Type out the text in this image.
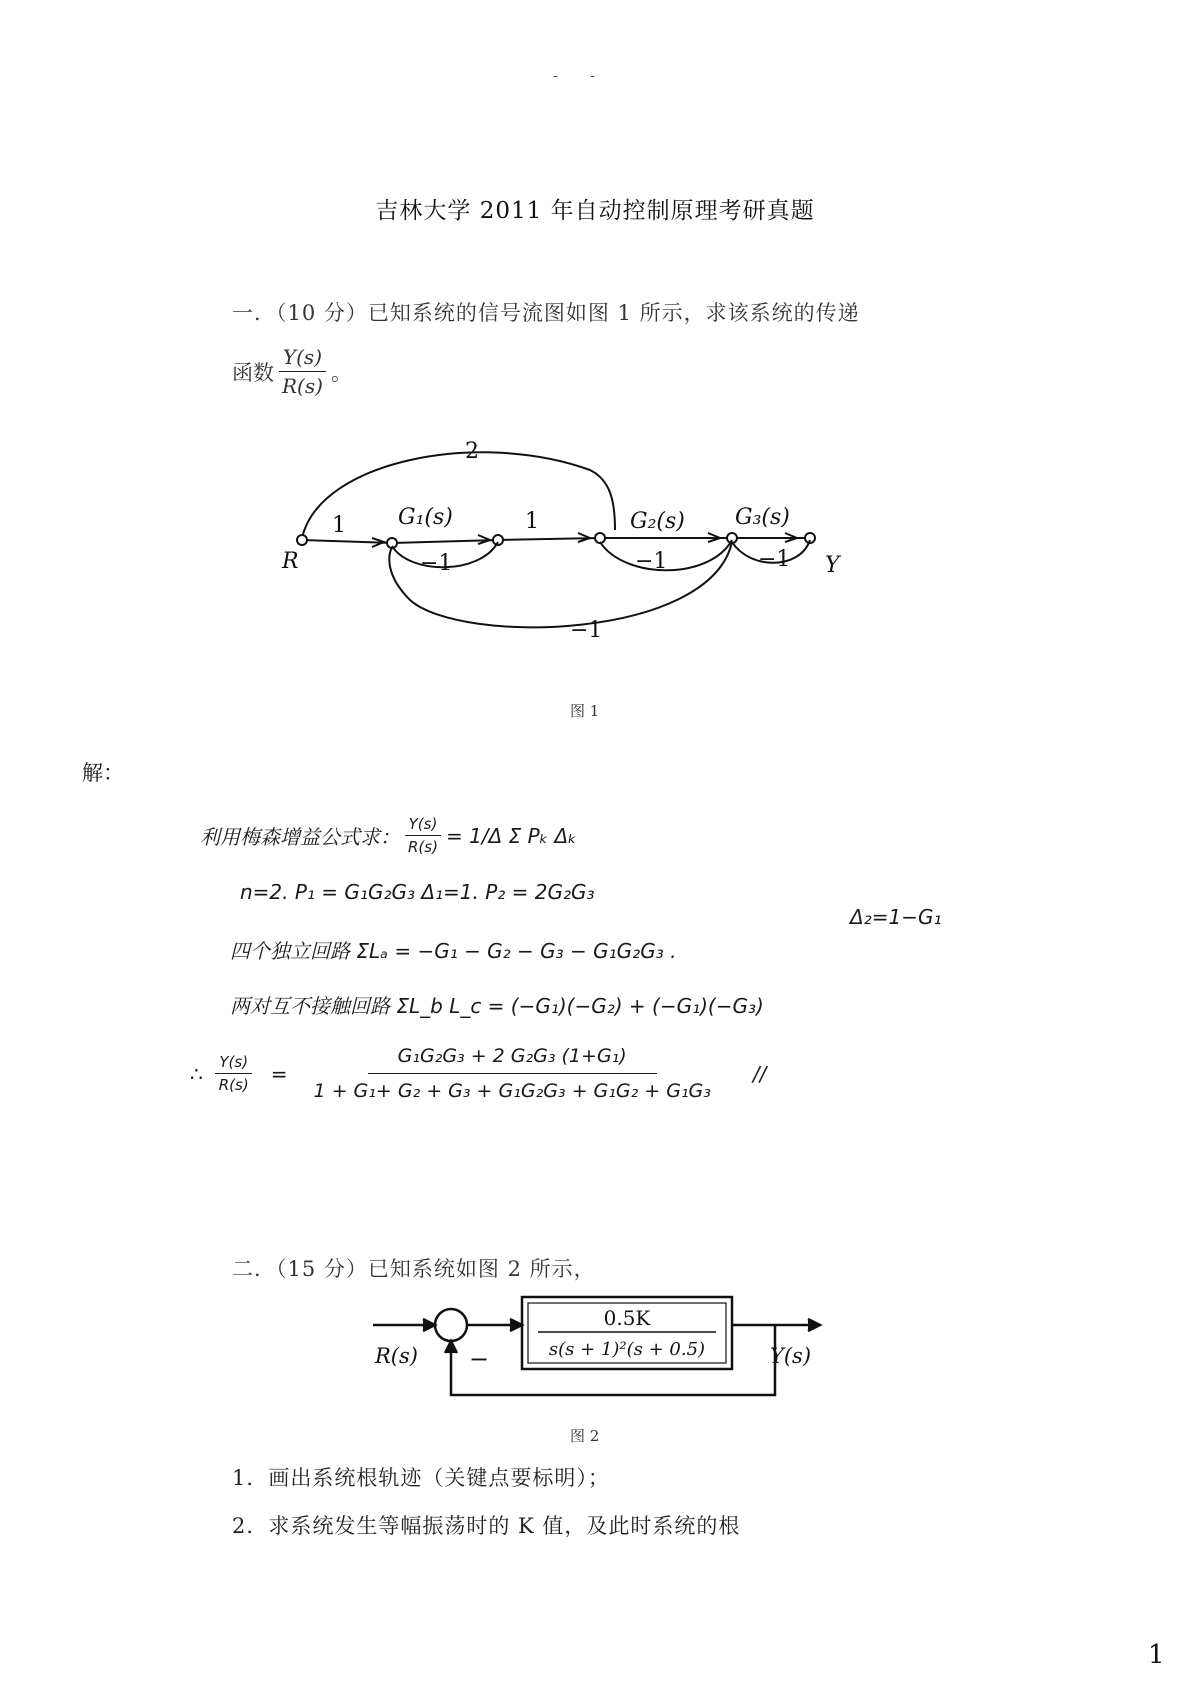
- -
吉林大学 2011 年自动控制原理考研真题
一．（10 分）已知系统的信号流图如图 1 所示，求该系统的传递
函数 $\frac{Y(s)}{R(s)}$ 。
2
R	Y
1 G₁(s)	1	G₂(s) G₃(s)
−1	−1	−1
−1
图 1
解：
利用梅森增益公式求： $\frac{Y(s)}{R(s)} = 1/\Delta$ Σ Pₖ Δₖ
n=2. P₁ = G₁G₂G₃ Δ₁=1. P₂ = 2G₂G₃
Δ₂=1−G₁
四个独立回路 ΣLₐ = −G₁ − G₂ − G₃ − G₁G₂G₃ .
两对互不接触回路 ΣL_b L_c = (−G₁)(−G₂) + (−G₁)(−G₃)
∴ $\frac{Y(s)}{R(s)} = \frac{\text{G₁G₂G₃ + 2 G₂G₃ (1+G₁)}}{\text{1 + G₁+ G₂ + G₃ + G₁G₂G₃ + G₁G₂ + G₁G₃}}$ //
二．（15 分）已知系统如图 2 所示，
0.5K
s(s + 1)²(s + 0.5)
R(s) −	Y(s)
图 2
1．画出系统根轨迹（关键点要标明）；
2．求系统发生等幅振荡时的 K 值，及此时系统的根
1
